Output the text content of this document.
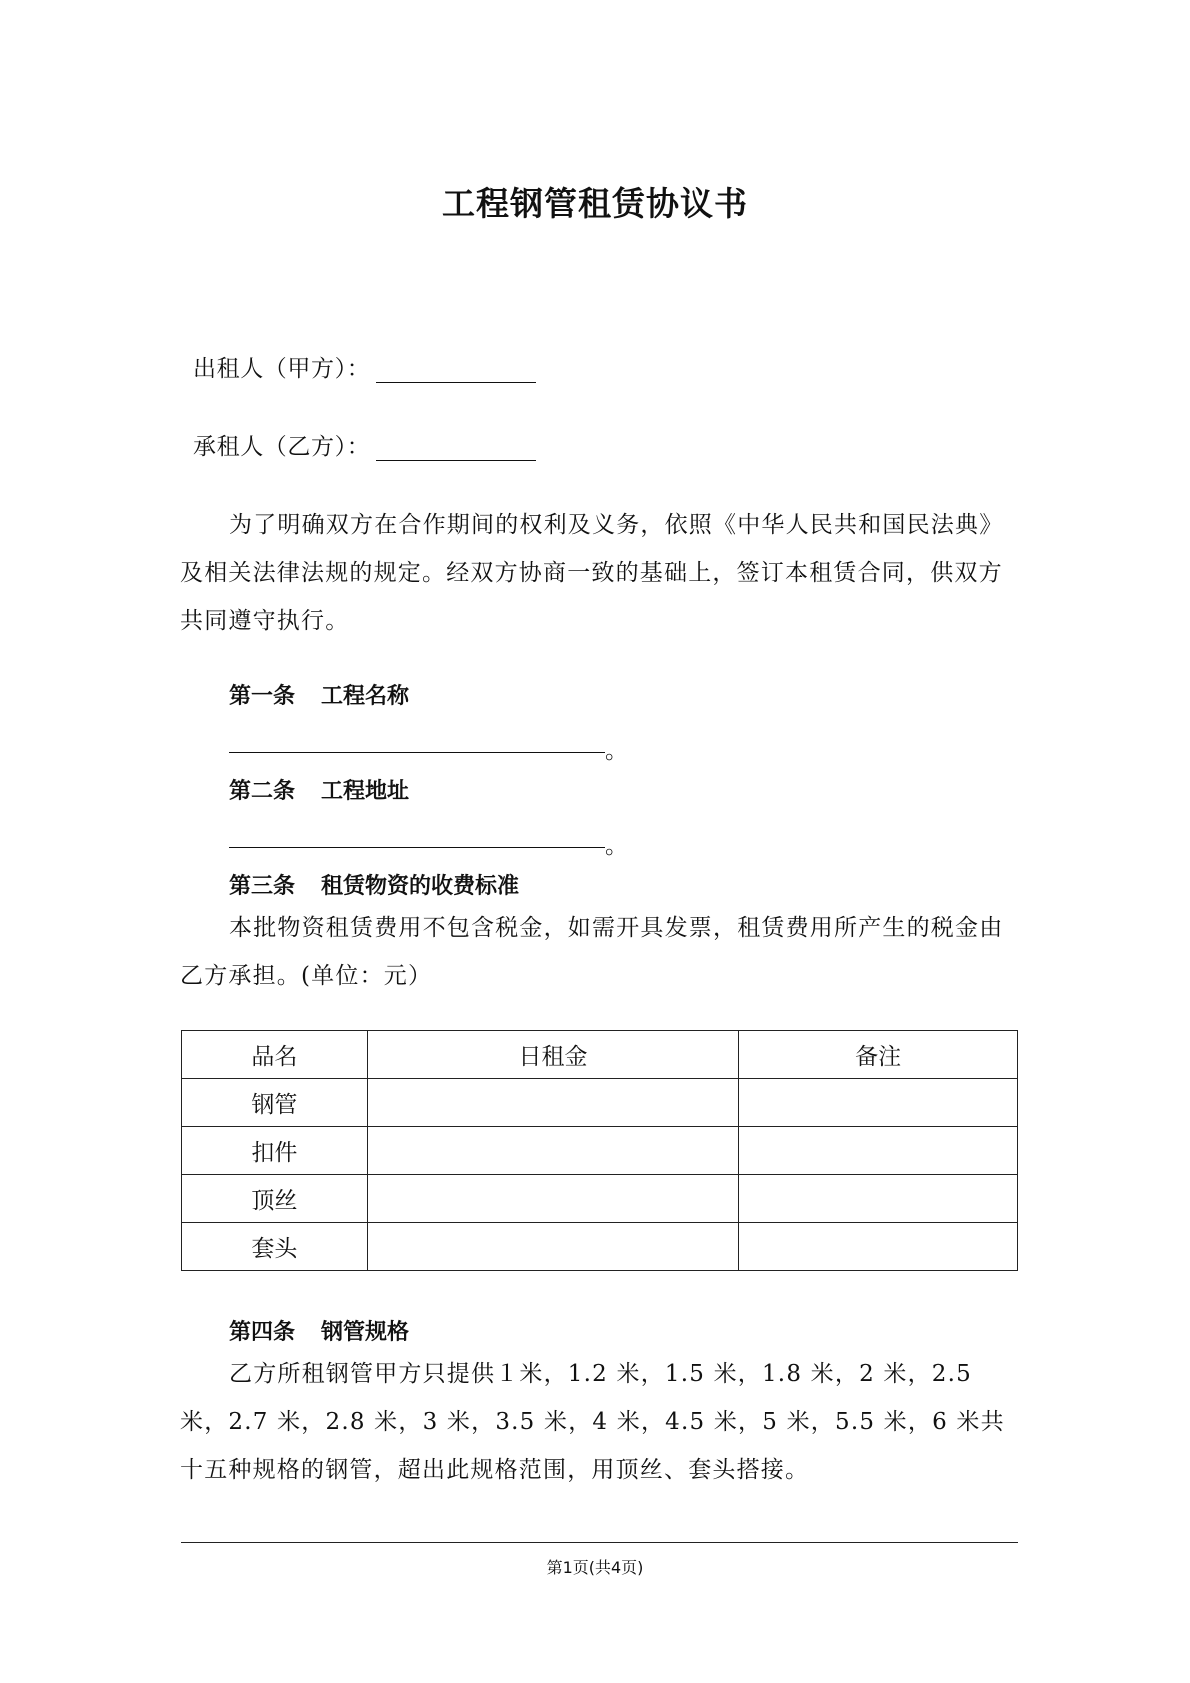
工程钢管租赁协议书
出租人（甲方）：
承租人（乙方）：
为了明确双方在合作期间的权利及义务，依照《中华人民共和国民法典》及相关法律法规的规定。经双方协商一致的基础上，签订本租赁合同，供双方共同遵守执行。
第一条 工程名称
。
第二条 工程地址
。
第三条 租赁物资的收费标准
本批物资租赁费用不包含税金，如需开具发票，租赁费用所产生的税金由乙方承担。(单位：元）
品名	日租金	备注
钢管		
扣件		
顶丝		
套头		
第四条 钢管规格
乙方所租钢管甲方只提供１米，1.2 米，1.5 米，1.8 米，2 米，2.5 米，2.7 米，2.8 米，3 米，3.5 米，4 米，4.5 米，5 米，5.5 米，6 米共十五种规格的钢管，超出此规格范围，用顶丝、套头搭接。
第1页(共4页)
